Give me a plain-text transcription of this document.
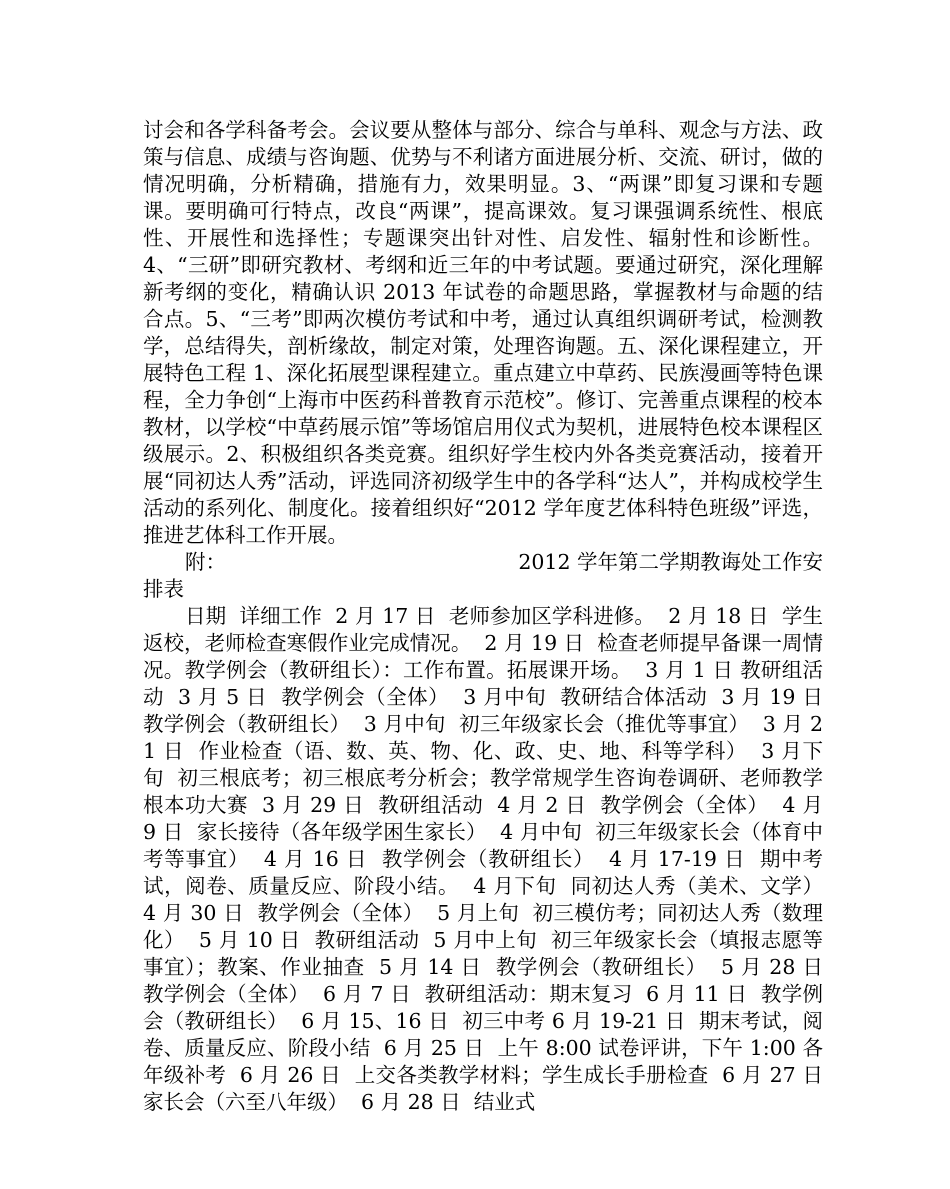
讨会和各学科备考会。会议要从整体与部分、综合与单科、观念与方法、政策与信息、成绩与咨询题、优势与不利诸方面进展分析、交流、研讨，做的情况明确，分析精确，措施有力，效果明显。3、“两课”即复习课和专题课。要明确可行特点，改良“两课”，提高课效。复习课强调系统性、根底性、开展性和选择性；专题课突出针对性、启发性、辐射性和诊断性。4、“三研”即研究教材、考纲和近三年的中考试题。要通过研究，深化理解新考纲的变化，精确认识 2013 年试卷的命题思路，掌握教材与命题的结合点。5、“三考”即两次模仿考试和中考，通过认真组织调研考试，检测教学，总结得失，剖析缘故，制定对策，处理咨询题。五、深化课程建立，开展特色工程 1、深化拓展型课程建立。重点建立中草药、民族漫画等特色课程，全力争创“上海市中医药科普教育示范校”。修订、完善重点课程的校本教材，以学校“中草药展示馆”等场馆启用仪式为契机，进展特色校本课程区级展示。2、积极组织各类竞赛。组织好学生校内外各类竞赛活动，接着开展“同初达人秀”活动，评选同济初级学生中的各学科“达人”，并构成校学生活动的系列化、制度化。接着组织好“2012 学年度艺体科特色班级”评选，推进艺体科工作开展。

附：	2012 学年第二学期教诲处工作安
排表

日期  详细工作  2 月 17 日  老师参加区学科进修。  2 月 18 日  学生返校，老师检查寒假作业完成情况。  2 月 19 日  检查老师提早备课一周情况。教学例会（教研组长）：工作布置。拓展课开场。  3 月 1 日 教研组活动  3 月 5 日  教学例会（全体）  3 月中旬  教研结合体活动  3 月 19 日  教学例会（教研组长）  3 月中旬  初三年级家长会（推优等事宜）  3 月 21 日  作业检查（语、数、英、物、化、政、史、地、科等学科）  3 月下旬  初三根底考；初三根底考分析会；教学常规学生咨询卷调研、老师教学根本功大赛  3 月 29 日  教研组活动  4 月 2 日  教学例会（全体）  4 月 9 日  家长接待（各年级学困生家长）  4 月中旬  初三年级家长会（体育中考等事宜）  4 月 16 日  教学例会（教研组长）  4 月 17-19 日  期中考试，阅卷、质量反应、阶段小结。  4 月下旬  同初达人秀（美术、文学）  4 月 30 日  教学例会（全体）  5 月上旬  初三模仿考；同初达人秀（数理化）  5 月 10 日  教研组活动  5 月中上旬  初三年级家长会（填报志愿等事宜）；教案、作业抽查  5 月 14 日  教学例会（教研组长）  5 月 28 日  教学例会（全体）  6 月 7 日  教研组活动：期末复习  6 月 11 日  教学例会（教研组长）  6 月 15、16 日  初三中考 6 月 19-21 日  期末考试，阅卷、质量反应、阶段小结  6 月 25 日  上午 8:00 试卷评讲，下午 1:00 各年级补考  6 月 26 日  上交各类教学材料；学生成长手册检查  6 月 27 日  家长会（六至八年级）  6 月 28 日  结业式
